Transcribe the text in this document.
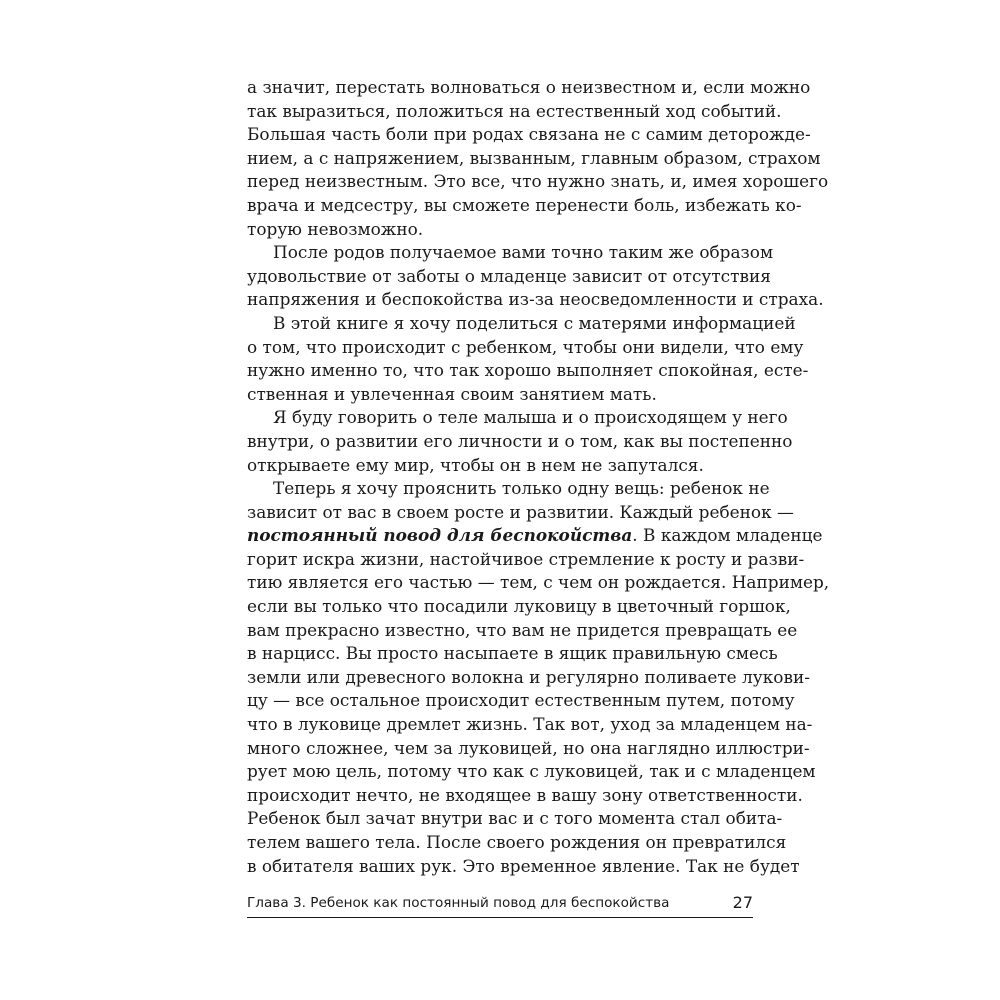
а значит, перестать волноваться о неизвестном и, если можно
так выразиться, положиться на естественный ход событий.
Большая часть боли при родах связана не с самим деторожде-
нием, а с напряжением, вызванным, главным образом, страхом
перед неизвестным. Это все, что нужно знать, и, имея хорошего
врача и медсестру, вы сможете перенести боль, избежать ко-
торую невозможно.
После родов получаемое вами точно таким же образом
удовольствие от заботы о младенце зависит от отсутствия
напряжения и беспокойства из-за неосведомленности и страха.
В этой книге я хочу поделиться с матерями информацией
о том, что происходит с ребенком, чтобы они видели, что ему
нужно именно то, что так хорошо выполняет спокойная, есте-
ственная и увлеченная своим занятием мать.
Я буду говорить о теле малыша и о происходящем у него
внутри, о развитии его личности и о том, как вы постепенно
открываете ему мир, чтобы он в нем не запутался.
Теперь я хочу прояснить только одну вещь: ребенок не
зависит от вас в своем росте и развитии. Каждый ребенок —
постоянный повод для беспокойства. В каждом младенце
горит искра жизни, настойчивое стремление к росту и разви-
тию является его частью — тем, с чем он рождается. Например,
если вы только что посадили луковицу в цветочный горшок,
вам прекрасно известно, что вам не придется превращать ее
в нарцисс. Вы просто насыпаете в ящик правильную смесь
земли или древесного волокна и регулярно поливаете лукови-
цу — все остальное происходит естественным путем, потому
что в луковице дремлет жизнь. Так вот, уход за младенцем на-
много сложнее, чем за луковицей, но она наглядно иллюстри-
рует мою цель, потому что как с луковицей, так и с младенцем
происходит нечто, не входящее в вашу зону ответственности.
Ребенок был зачат внутри вас и с того момента стал обита-
телем вашего тела. После своего рождения он превратился
в обитателя ваших рук. Это временное явление. Так не будет
Глава 3. Ребенок как постоянный повод для беспокойства	27
